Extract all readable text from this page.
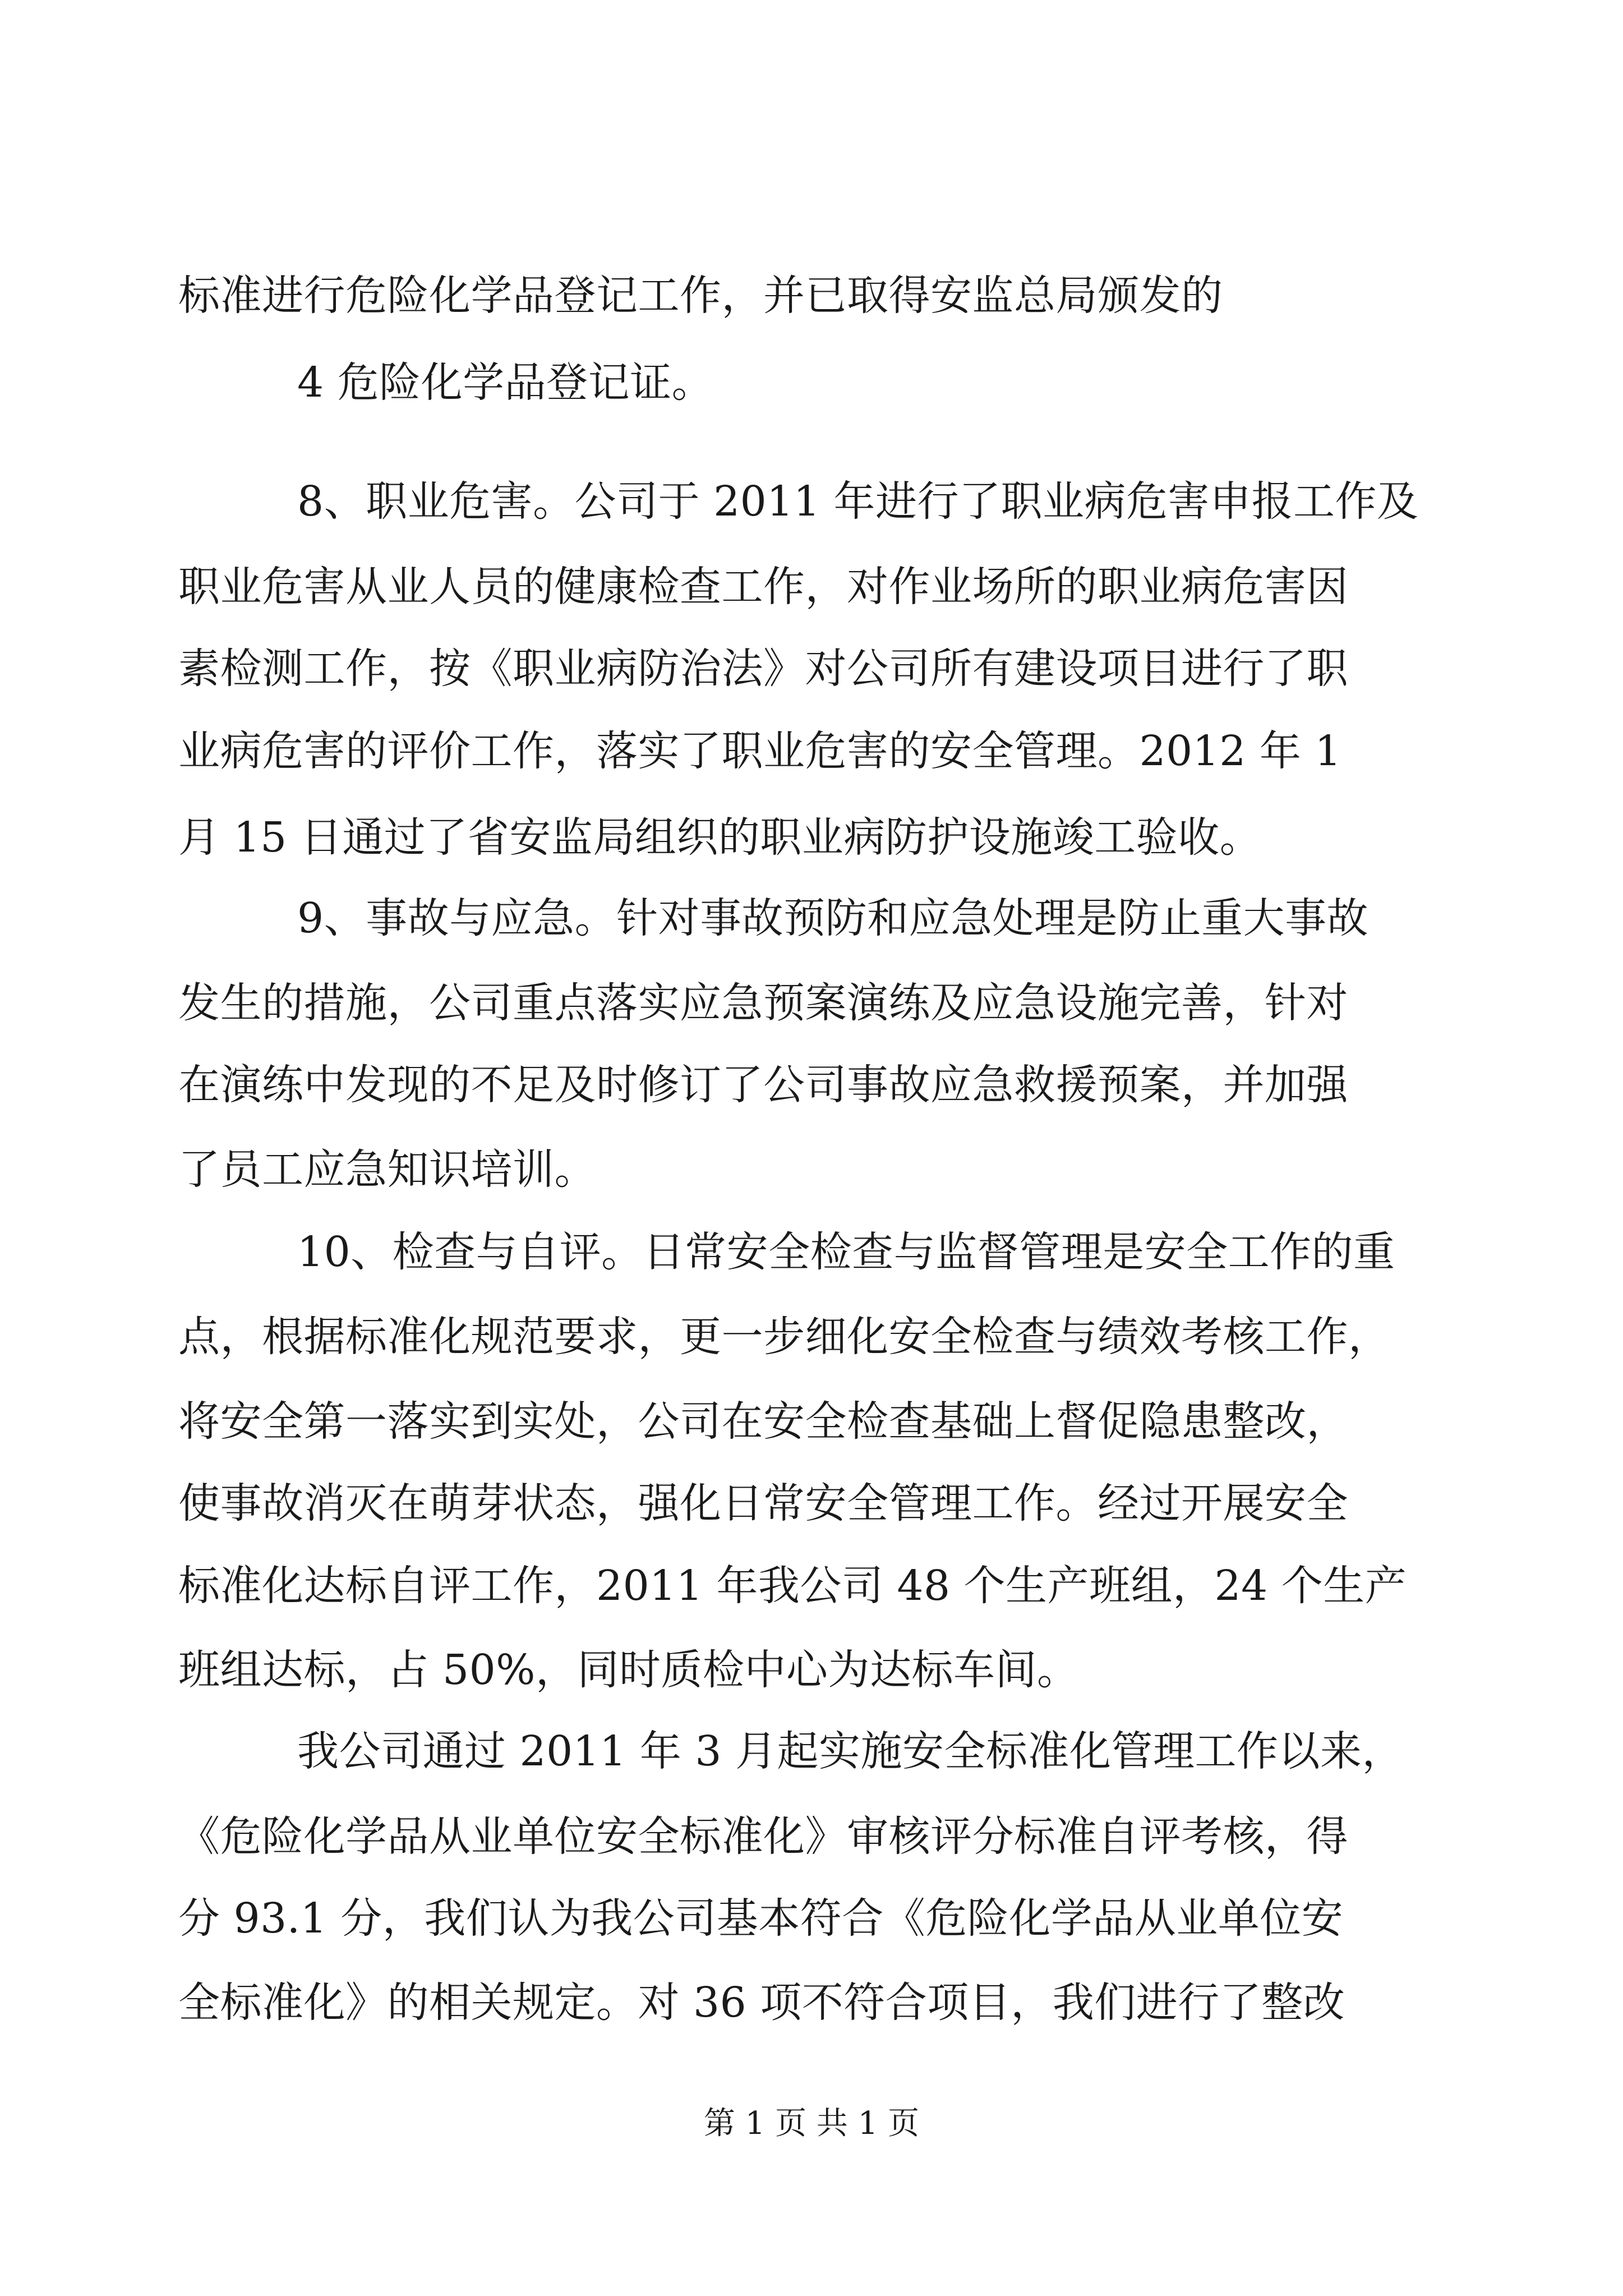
标准进行危险化学品登记工作，并已取得安监总局颁发的
4 危险化学品登记证。
8、职业危害。公司于 2011 年进行了职业病危害申报工作及
职业危害从业人员的健康检查工作，对作业场所的职业病危害因
素检测工作，按《职业病防治法》对公司所有建设项目进行了职
业病危害的评价工作，落实了职业危害的安全管理。2012 年 1
月 15 日通过了省安监局组织的职业病防护设施竣工验收。
9、事故与应急。针对事故预防和应急处理是防止重大事故
发生的措施，公司重点落实应急预案演练及应急设施完善，针对
在演练中发现的不足及时修订了公司事故应急救援预案，并加强
了员工应急知识培训。
10、检查与自评。日常安全检查与监督管理是安全工作的重
点，根据标准化规范要求，更一步细化安全检查与绩效考核工作，
将安全第一落实到实处，公司在安全检查基础上督促隐患整改，
使事故消灭在萌芽状态，强化日常安全管理工作。经过开展安全
标准化达标自评工作，2011 年我公司 48 个生产班组，24 个生产
班组达标，占 50%，同时质检中心为达标车间。
我公司通过 2011 年 3 月起实施安全标准化管理工作以来，
《危险化学品从业单位安全标准化》审核评分标准自评考核，得
分 93.1 分，我们认为我公司基本符合《危险化学品从业单位安
全标准化》的相关规定。对 36 项不符合项目，我们进行了整改
第 1 页 共 1 页
